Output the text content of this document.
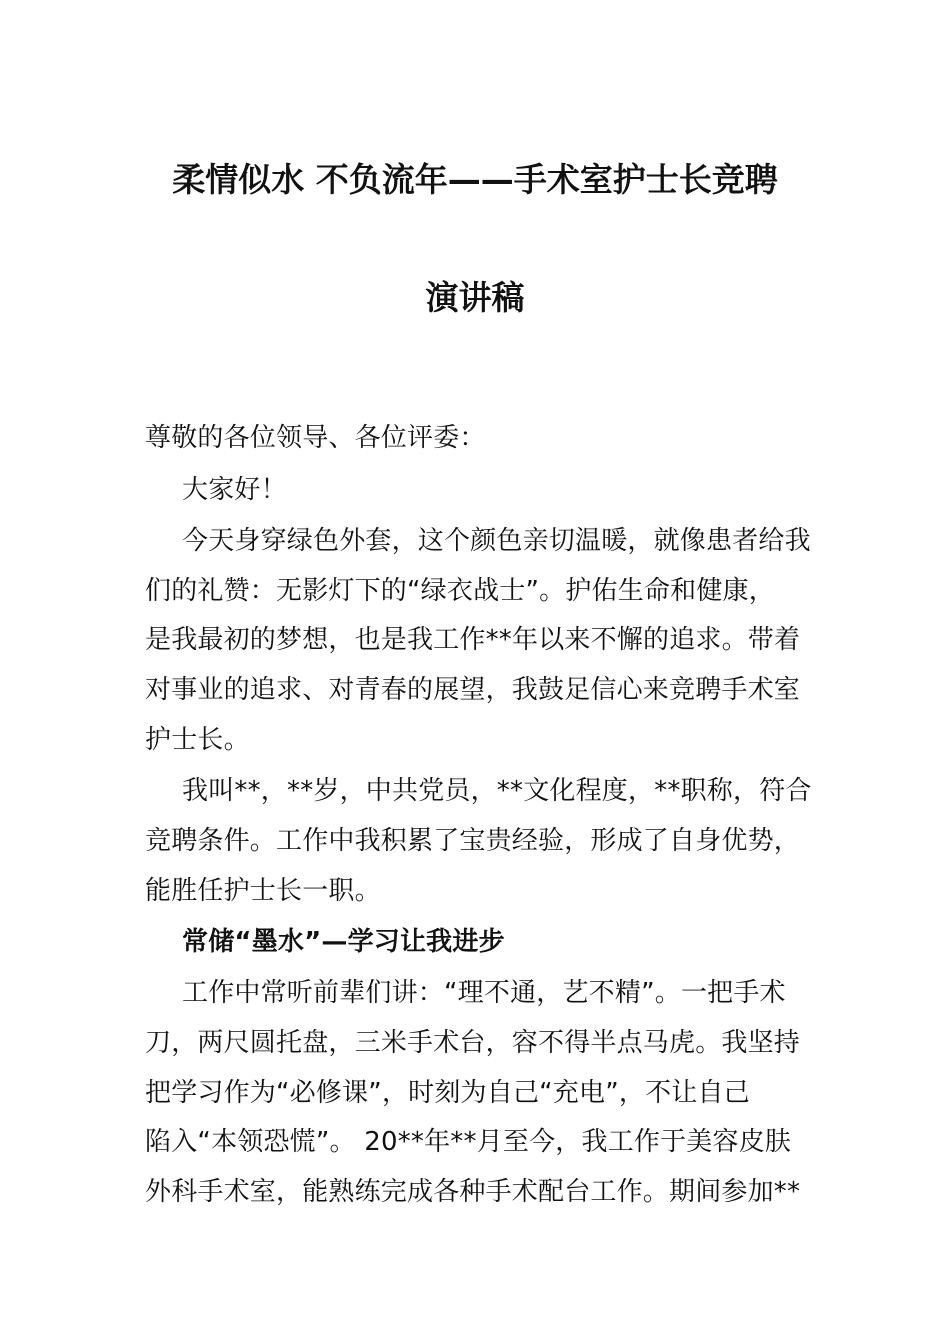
柔情似水 不负流年——手术室护士长竞聘
演讲稿
尊敬的各位领导、各位评委：
大家好！
今天身穿绿色外套，这个颜色亲切温暖，就像患者给我
们的礼赞：无影灯下的“绿衣战士”。护佑生命和健康，
是我最初的梦想，也是我工作**年以来不懈的追求。带着
对事业的追求、对青春的展望，我鼓足信心来竞聘手术室
护士长。
我叫**，**岁，中共党员，**文化程度，**职称，符合
竞聘条件。工作中我积累了宝贵经验，形成了自身优势，
能胜任护士长一职。
常储“墨水”—学习让我进步
工作中常听前辈们讲：“理不通，艺不精”。一把手术
刀，两尺圆托盘，三米手术台，容不得半点马虎。我坚持
把学习作为“必修课”，时刻为自己“充电”，不让自己
陷入“本领恐慌”。 20**年**月至今，我工作于美容皮肤
外科手术室，能熟练完成各种手术配台工作。期间参加**
